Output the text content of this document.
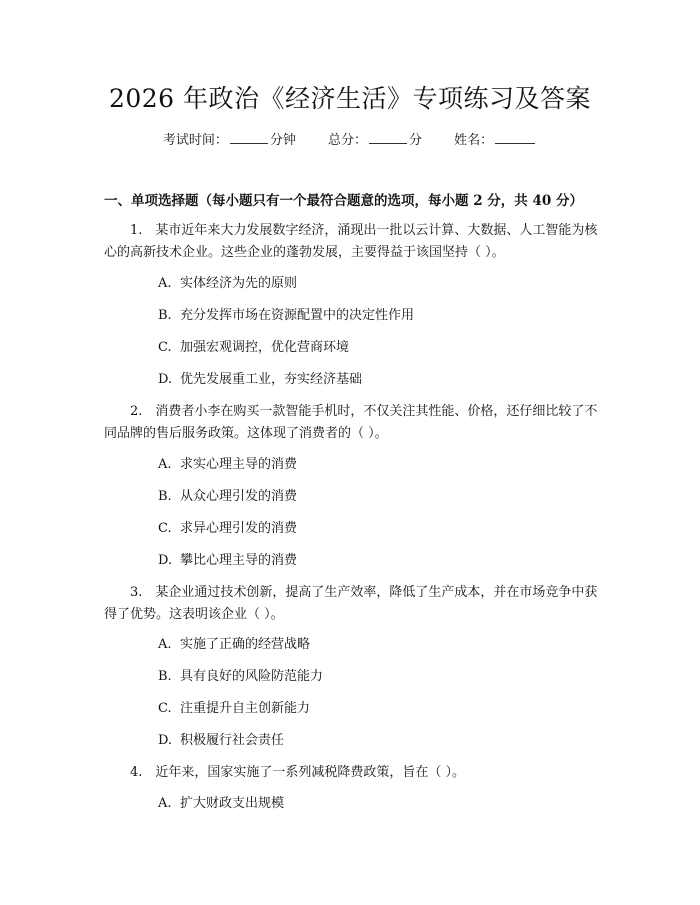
2026 年政治《经济生活》专项练习及答案
考试时间：	分钟 总分：	分 姓名：
一、单项选择题（每小题只有一个最符合题意的选项，每小题 2 分，共 40 分）
1.　某市近年来大力发展数字经济，涌现出一批以云计算、大数据、人工智能为核心的高新技术企业。这些企业的蓬勃发展，主要得益于该国坚持（ ）。
A. 实体经济为先的原则
B. 充分发挥市场在资源配置中的决定性作用
C. 加强宏观调控，优化营商环境
D. 优先发展重工业，夯实经济基础
2.　消费者小李在购买一款智能手机时，不仅关注其性能、价格，还仔细比较了不同品牌的售后服务政策。这体现了消费者的（ ）。
A. 求实心理主导的消费
B. 从众心理引发的消费
C. 求异心理引发的消费
D. 攀比心理主导的消费
3.　某企业通过技术创新，提高了生产效率，降低了生产成本，并在市场竞争中获得了优势。这表明该企业（ ）。
A. 实施了正确的经营战略
B. 具有良好的风险防范能力
C. 注重提升自主创新能力
D. 积极履行社会责任
4.　近年来，国家实施了一系列减税降费政策，旨在（ ）。
A. 扩大财政支出规模
